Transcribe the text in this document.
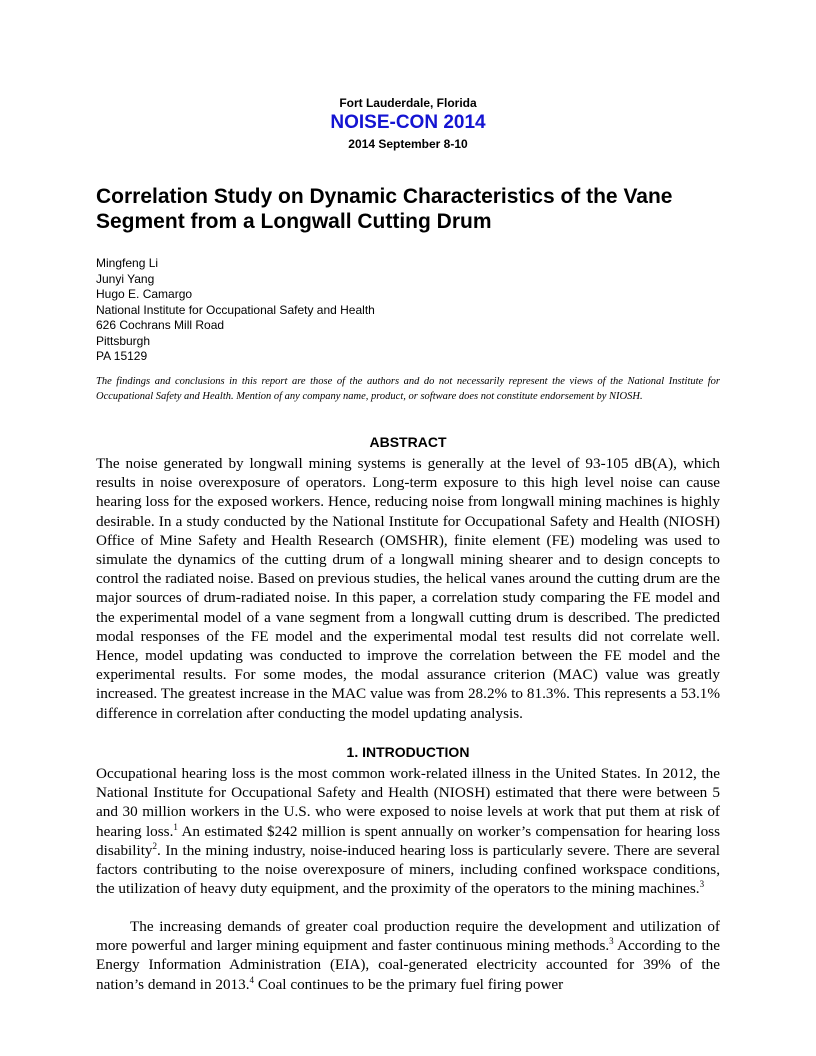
Fort Lauderdale, Florida
NOISE-CON 2014
2014 September 8-10
Correlation Study on Dynamic Characteristics of the Vane Segment from a Longwall Cutting Drum
Mingfeng Li
Junyi Yang
Hugo E. Camargo
National Institute for Occupational Safety and Health
626 Cochrans Mill Road
Pittsburgh
PA 15129

The findings and conclusions in this report are those of the authors and do not necessarily represent the views of the National Institute for Occupational Safety and Health. Mention of any company name, product, or software does not constitute endorsement by NIOSH.

ABSTRACT

The noise generated by longwall mining systems is generally at the level of 93-105 dB(A), which results in noise overexposure of operators. Long-term exposure to this high level noise can cause hearing loss for the exposed workers. Hence, reducing noise from longwall mining machines is highly desirable. In a study conducted by the National Institute for Occupational Safety and Health (NIOSH) Office of Mine Safety and Health Research (OMSHR), finite element (FE) modeling was used to simulate the dynamics of the cutting drum of a longwall mining shearer and to design concepts to control the radiated noise. Based on previous studies, the helical vanes around the cutting drum are the major sources of drum-radiated noise. In this paper, a correlation study comparing the FE model and the experimental model of a vane segment from a longwall cutting drum is described. The predicted modal responses of the FE model and the experimental modal test results did not correlate well. Hence, model updating was conducted to improve the correlation between the FE model and the experimental results. For some modes, the modal assurance criterion (MAC) value was greatly increased. The greatest increase in the MAC value was from 28.2% to 81.3%. This represents a 53.1% difference in correlation after conducting the model updating analysis.

1. INTRODUCTION

Occupational hearing loss is the most common work-related illness in the United States. In 2012, the National Institute for Occupational Safety and Health (NIOSH) estimated that there were between 5 and 30 million workers in the U.S. who were exposed to noise levels at work that put them at risk of hearing loss.$^1$ An estimated $242 million is spent annually on worker’s compensation for hearing loss disability$^2$. In the mining industry, noise-induced hearing loss is particularly severe. There are several factors contributing to the noise overexposure of miners, including confined workspace conditions, the utilization of heavy duty equipment, and the proximity of the operators to the mining machines.$^3$

The increasing demands of greater coal production require the development and utilization of more powerful and larger mining equipment and faster continuous mining methods.$^3$ According to the Energy Information Administration (EIA), coal-generated electricity accounted for 39% of the nation’s demand in 2013.$^4$ Coal continues to be the primary fuel firing power
